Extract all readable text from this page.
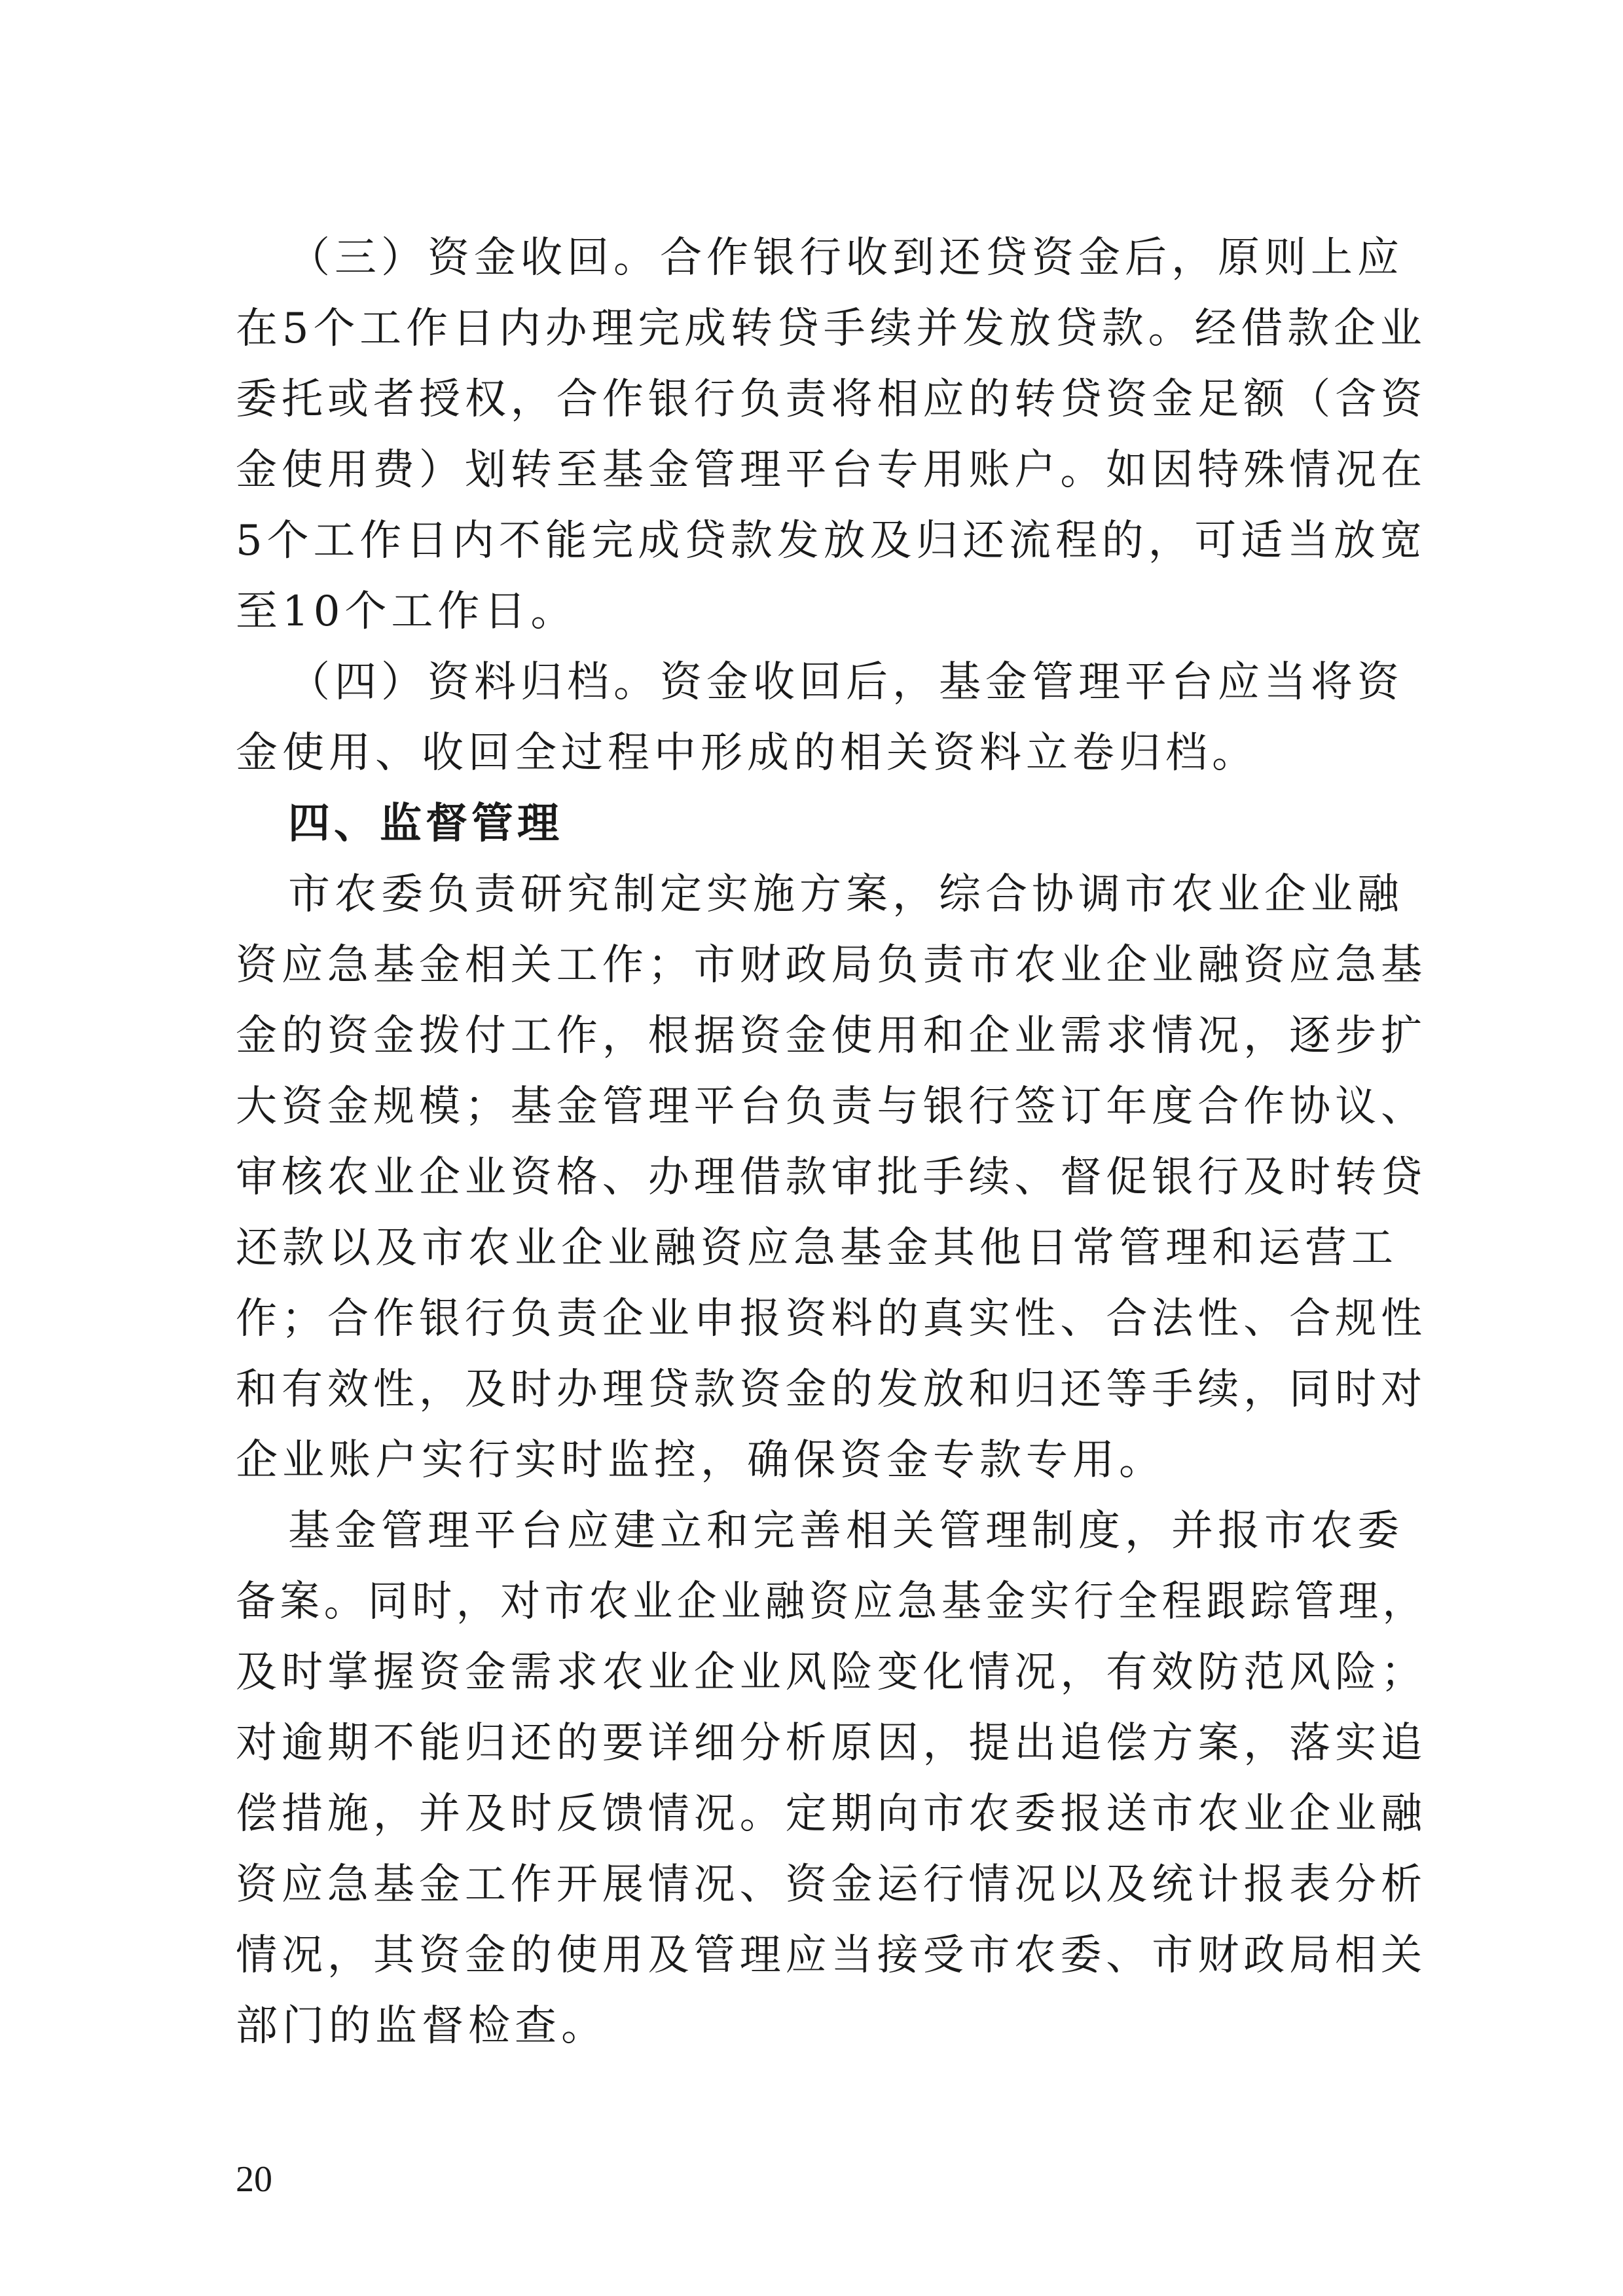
（三）资金收回。合作银行收到还贷资金后，原则上应
在5个工作日内办理完成转贷手续并发放贷款。经借款企业
委托或者授权，合作银行负责将相应的转贷资金足额（含资
金使用费）划转至基金管理平台专用账户。如因特殊情况在
5个工作日内不能完成贷款发放及归还流程的，可适当放宽
至10个工作日。
（四）资料归档。资金收回后，基金管理平台应当将资
金使用、收回全过程中形成的相关资料立卷归档。
四、监督管理
市农委负责研究制定实施方案，综合协调市农业企业融
资应急基金相关工作；市财政局负责市农业企业融资应急基
金的资金拨付工作，根据资金使用和企业需求情况，逐步扩
大资金规模；基金管理平台负责与银行签订年度合作协议、
审核农业企业资格、办理借款审批手续、督促银行及时转贷
还款以及市农业企业融资应急基金其他日常管理和运营工
作；合作银行负责企业申报资料的真实性、合法性、合规性
和有效性，及时办理贷款资金的发放和归还等手续，同时对
企业账户实行实时监控，确保资金专款专用。
基金管理平台应建立和完善相关管理制度，并报市农委
备案。同时，对市农业企业融资应急基金实行全程跟踪管理，
及时掌握资金需求农业企业风险变化情况，有效防范风险；
对逾期不能归还的要详细分析原因，提出追偿方案，落实追
偿措施，并及时反馈情况。定期向市农委报送市农业企业融
资应急基金工作开展情况、资金运行情况以及统计报表分析
情况，其资金的使用及管理应当接受市农委、市财政局相关
部门的监督检查。
20
